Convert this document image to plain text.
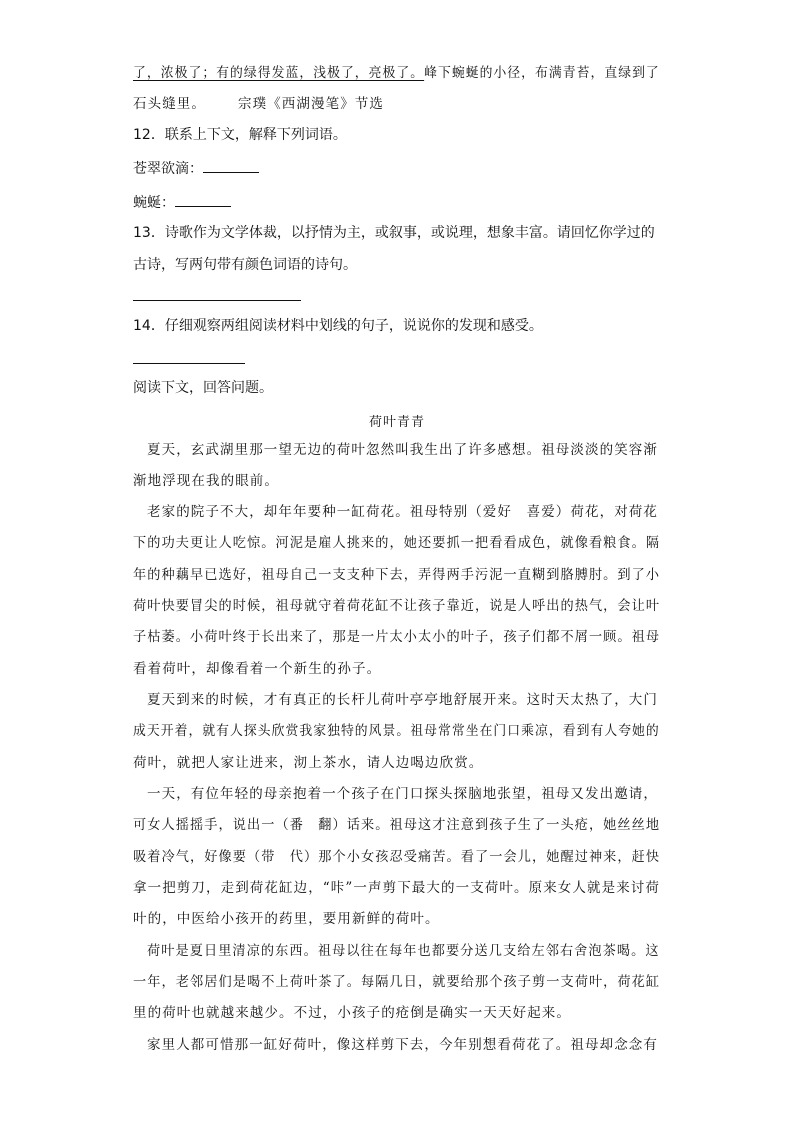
了，浓极了；有的绿得发蓝，浅极了，亮极了。峰下蜿蜒的小径，布满青苔，直绿到了
石头缝里。 宗璞《西湖漫笔》节选
12．联系上下文，解释下列词语。
苍翠欲滴：
蜿蜒：
13．诗歌作为文学体裁，以抒情为主，或叙事，或说理，想象丰富。请回忆你学过的
古诗，写两句带有颜色词语的诗句。
14．仔细观察两组阅读材料中划线的句子，说说你的发现和感受。
阅读下文，回答问题。
荷叶青青
夏天，玄武湖里那一望无边的荷叶忽然叫我生出了许多感想。祖母淡淡的笑容渐
渐地浮现在我的眼前。
老家的院子不大，却年年要种一缸荷花。祖母特别（爱好　喜爱）荷花，对荷花
下的功夫更让人吃惊。河泥是雇人挑来的，她还要抓一把看看成色，就像看粮食。隔
年的种藕早已选好，祖母自己一支支种下去，弄得两手污泥一直糊到胳膊肘。到了小
荷叶快要冒尖的时候，祖母就守着荷花缸不让孩子靠近，说是人呼出的热气，会让叶
子枯萎。小荷叶终于长出来了，那是一片太小太小的叶子，孩子们都不屑一顾。祖母
看着荷叶，却像看着一个新生的孙子。
夏天到来的时候，才有真正的长杆儿荷叶亭亭地舒展开来。这时天太热了，大门
成天开着，就有人探头欣赏我家独特的风景。祖母常常坐在门口乘凉，看到有人夸她的
荷叶，就把人家让进来，沏上茶水，请人边喝边欣赏。
一天，有位年轻的母亲抱着一个孩子在门口探头探脑地张望，祖母又发出邀请，
可女人摇摇手，说出一（番　翻）话来。祖母这才注意到孩子生了一头疮，她丝丝地
吸着冷气，好像要（带　代）那个小女孩忍受痛苦。看了一会儿，她醒过神来，赶快
拿一把剪刀，走到荷花缸边，“咔”一声剪下最大的一支荷叶。原来女人就是来讨荷
叶的，中医给小孩开的药里，要用新鲜的荷叶。
荷叶是夏日里清凉的东西。祖母以往在每年也都要分送几支给左邻右舍泡茶喝。这
一年，老邻居们是喝不上荷叶茶了。每隔几日，就要给那个孩子剪一支荷叶，荷花缸
里的荷叶也就越来越少。不过，小孩子的疮倒是确实一天天好起来。
家里人都可惜那一缸好荷叶，像这样剪下去，今年别想看荷花了。祖母却念念有
